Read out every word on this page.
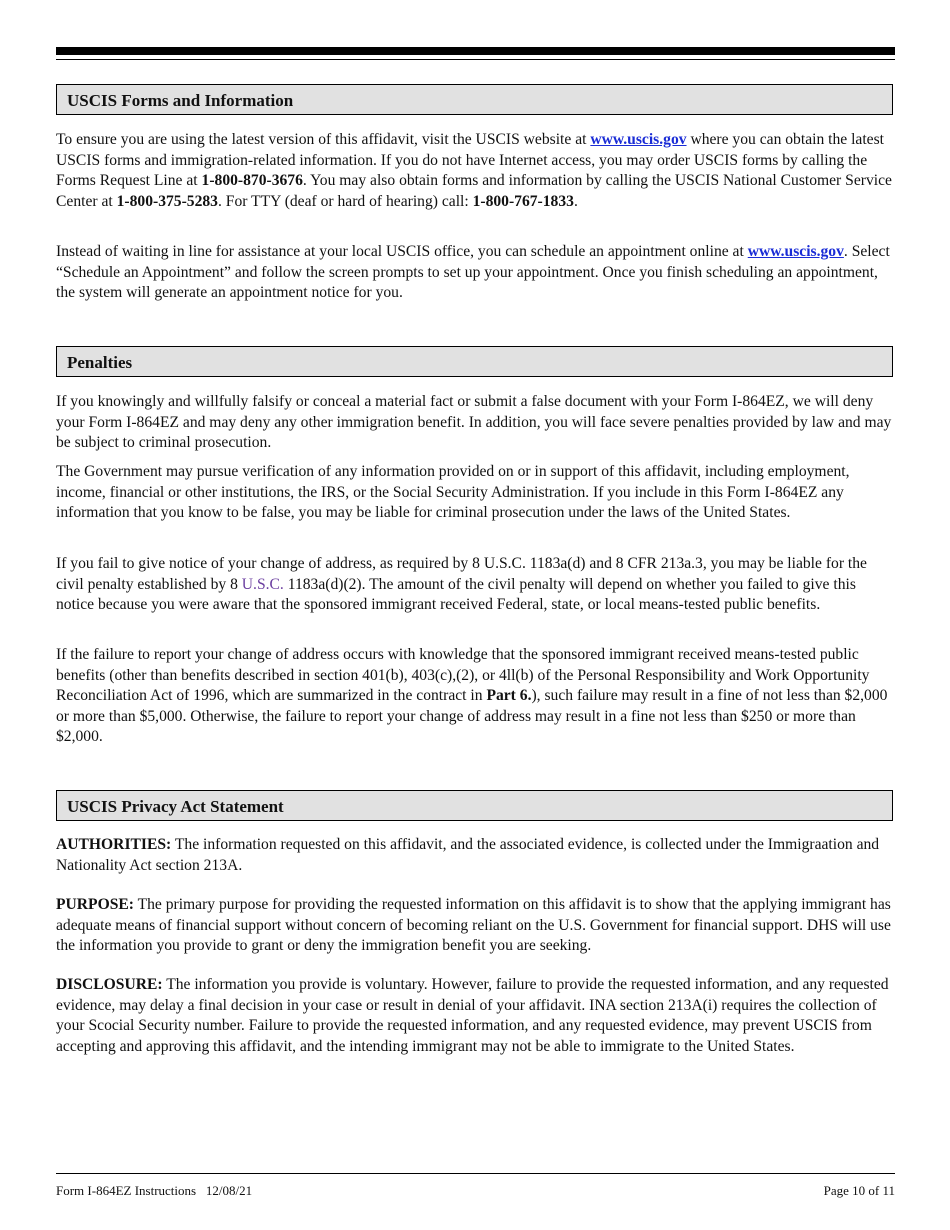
USCIS Forms and Information

To ensure you are using the latest version of this affidavit, visit the USCIS website at www.uscis.gov where you can obtain the latest USCIS forms and immigration-related information. If you do not have Internet access, you may order USCIS forms by calling the Forms Request Line at 1-800-870-3676. You may also obtain forms and information by calling the USCIS National Customer Service Center at 1-800-375-5283. For TTY (deaf or hard of hearing) call: 1-800-767-1833.

Instead of waiting in line for assistance at your local USCIS office, you can schedule an appointment online at www.uscis.gov. Select “Schedule an Appointment” and follow the screen prompts to set up your appointment. Once you finish scheduling an appointment, the system will generate an appointment notice for you.

Penalties

If you knowingly and willfully falsify or conceal a material fact or submit a false document with your Form I-864EZ, we will deny your Form I-864EZ and may deny any other immigration benefit. In addition, you will face severe penalties provided by law and may be subject to criminal prosecution.

The Government may pursue verification of any information provided on or in support of this affidavit, including employment, income, financial or other institutions, the IRS, or the Social Security Administration. If you include in this Form I-864EZ any information that you know to be false, you may be liable for criminal prosecution under the laws of the United States.

If you fail to give notice of your change of address, as required by 8 U.S.C. 1183a(d) and 8 CFR 213a.3, you may be liable for the civil penalty established by 8 U.S.C. 1183a(d)(2). The amount of the civil penalty will depend on whether you failed to give this notice because you were aware that the sponsored immigrant received Federal, state, or local means-tested public benefits.

If the failure to report your change of address occurs with knowledge that the sponsored immigrant received means-tested public benefits (other than benefits described in section 401(b), 403(c),(2), or 4ll(b) of the Personal Responsibility and Work Opportunity Reconciliation Act of 1996, which are summarized in the contract in Part 6.), such failure may result in a fine of not less than $2,000 or more than $5,000. Otherwise, the failure to report your change of address may result in a fine not less than $250 or more than $2,000.

USCIS Privacy Act Statement

AUTHORITIES: The information requested on this affidavit, and the associated evidence, is collected under the Immigraation and Nationality Act section 213A.

PURPOSE: The primary purpose for providing the requested information on this affidavit is to show that the applying immigrant has adequate means of financial support without concern of becoming reliant on the U.S. Government for financial support. DHS will use the information you provide to grant or deny the immigration benefit you are seeking.

DISCLOSURE: The information you provide is voluntary. However, failure to provide the requested information, and any requested evidence, may delay a final decision in your case or result in denial of your affidavit. INA section 213A(i) requires the collection of your Scocial Security number. Failure to provide the requested information, and any requested evidence, may prevent USCIS from accepting and approving this affidavit, and the intending immigrant may not be able to immigrate to the United States.

Form I-864EZ Instructions   12/08/21	Page 10 of 11
